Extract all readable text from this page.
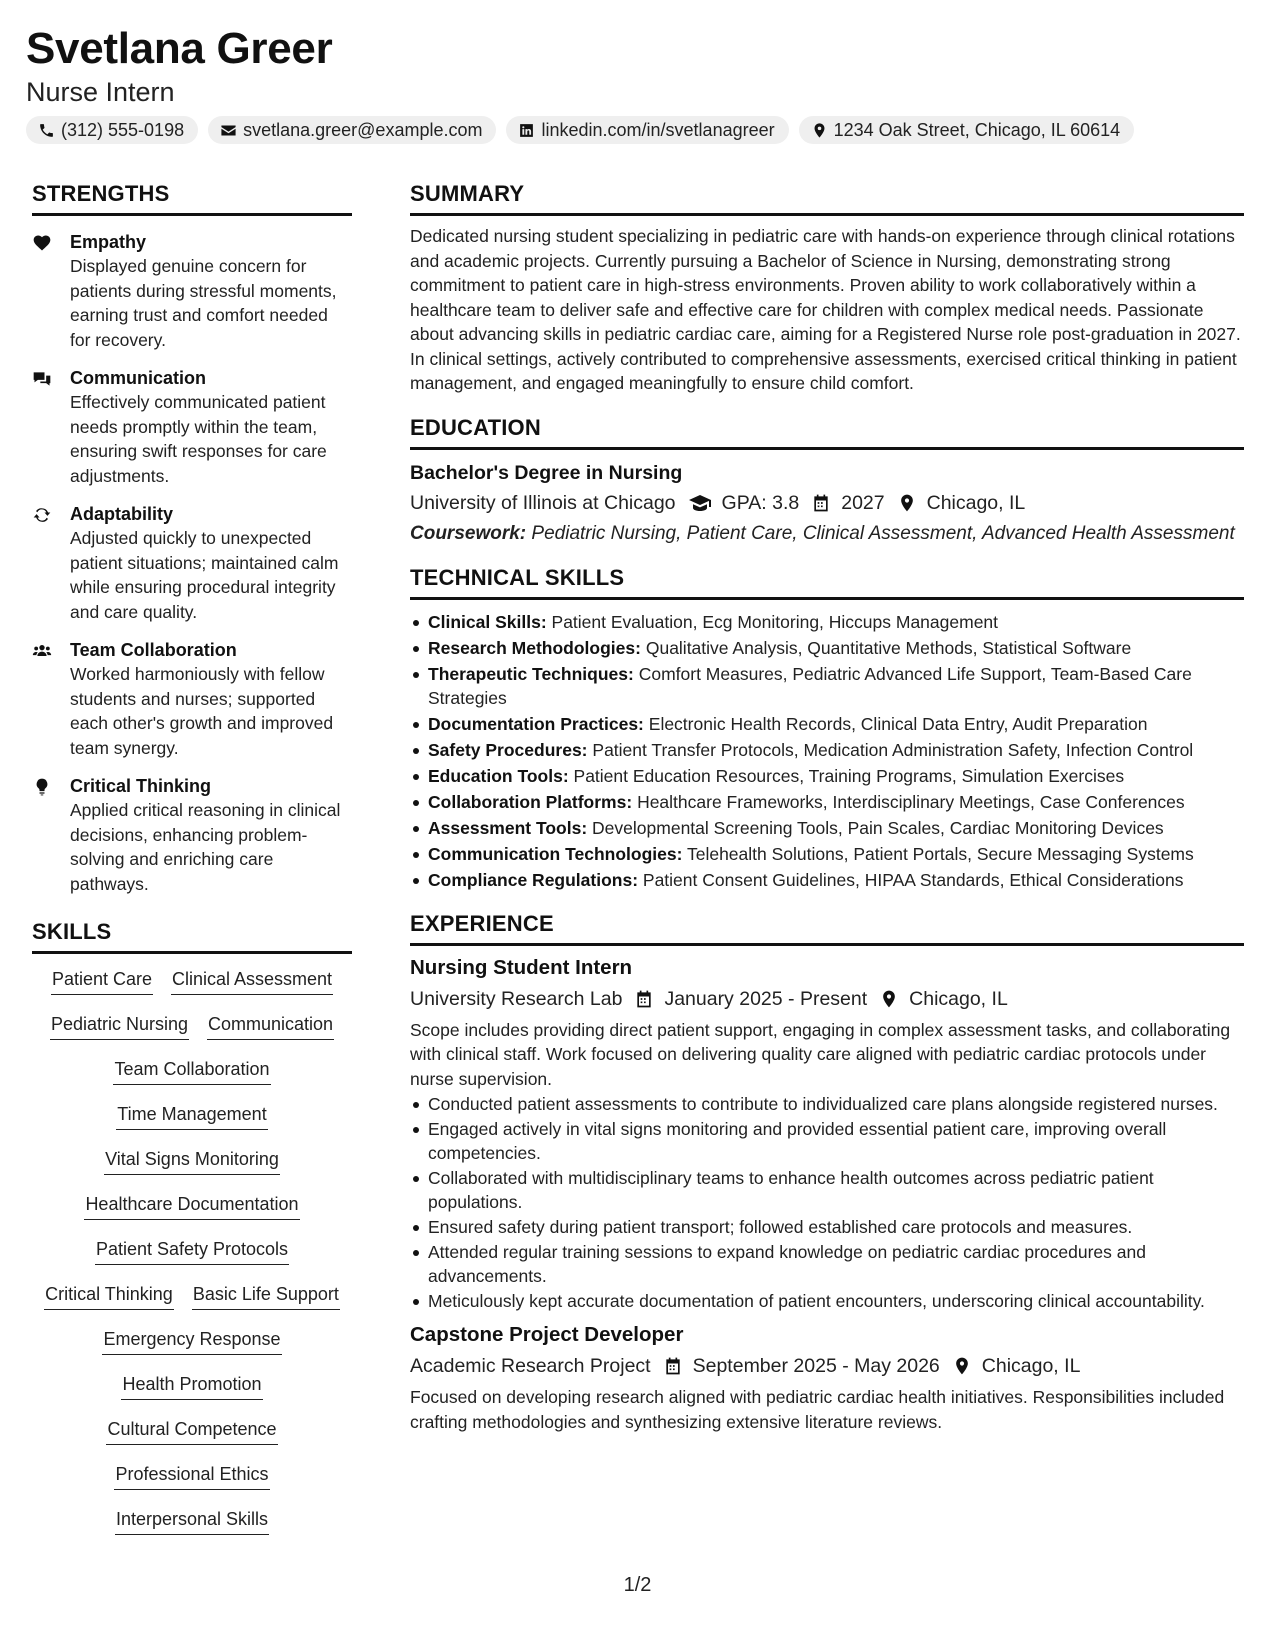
Svetlana Greer
Nurse Intern
(312) 555-0198	svetlana.greer@example.com	linkedin.com/in/svetlanagreer	1234 Oak Street, Chicago, IL 60614
STRENGTHS
Empathy
Displayed genuine concern for patients during stressful moments, earning trust and comfort needed for recovery.
Communication
Effectively communicated patient needs promptly within the team, ensuring swift responses for care adjustments.
Adaptability
Adjusted quickly to unexpected patient situations; maintained calm while ensuring procedural integrity and care quality.
Team Collaboration
Worked harmoniously with fellow students and nurses; supported each other's growth and improved team synergy.
Critical Thinking
Applied critical reasoning in clinical decisions, enhancing problem-solving and enriching care pathways.
SKILLS
Patient Care Clinical Assessment
Pediatric Nursing Communication
Team Collaboration
Time Management
Vital Signs Monitoring
Healthcare Documentation
Patient Safety Protocols
Critical Thinking Basic Life Support
Emergency Response
Health Promotion
Cultural Competence
Professional Ethics
Interpersonal Skills
SUMMARY
Dedicated nursing student specializing in pediatric care with hands-on experience through clinical rotations and academic projects. Currently pursuing a Bachelor of Science in Nursing, demonstrating strong commitment to patient care in high-stress environments. Proven ability to work collaboratively within a healthcare team to deliver safe and effective care for children with complex medical needs. Passionate about advancing skills in pediatric cardiac care, aiming for a Registered Nurse role post-graduation in 2027. In clinical settings, actively contributed to comprehensive assessments, exercised critical thinking in patient management, and engaged meaningfully to ensure child comfort.
EDUCATION
Bachelor's Degree in Nursing
University of Illinois at Chicago GPA: 3.8 2027 Chicago, IL
Coursework: Pediatric Nursing, Patient Care, Clinical Assessment, Advanced Health Assessment
TECHNICAL SKILLS
Clinical Skills: Patient Evaluation, Ecg Monitoring, Hiccups Management
Research Methodologies: Qualitative Analysis, Quantitative Methods, Statistical Software
Therapeutic Techniques: Comfort Measures, Pediatric Advanced Life Support, Team-Based Care Strategies
Documentation Practices: Electronic Health Records, Clinical Data Entry, Audit Preparation
Safety Procedures: Patient Transfer Protocols, Medication Administration Safety, Infection Control
Education Tools: Patient Education Resources, Training Programs, Simulation Exercises
Collaboration Platforms: Healthcare Frameworks, Interdisciplinary Meetings, Case Conferences
Assessment Tools: Developmental Screening Tools, Pain Scales, Cardiac Monitoring Devices
Communication Technologies: Telehealth Solutions, Patient Portals, Secure Messaging Systems
Compliance Regulations: Patient Consent Guidelines, HIPAA Standards, Ethical Considerations
EXPERIENCE
Nursing Student Intern
University Research Lab January 2025 - Present Chicago, IL
Scope includes providing direct patient support, engaging in complex assessment tasks, and collaborating with clinical staff. Work focused on delivering quality care aligned with pediatric cardiac protocols under nurse supervision.
Conducted patient assessments to contribute to individualized care plans alongside registered nurses.
Engaged actively in vital signs monitoring and provided essential patient care, improving overall competencies.
Collaborated with multidisciplinary teams to enhance health outcomes across pediatric patient populations.
Ensured safety during patient transport; followed established care protocols and measures.
Attended regular training sessions to expand knowledge on pediatric cardiac procedures and advancements.
Meticulously kept accurate documentation of patient encounters, underscoring clinical accountability.
Capstone Project Developer
Academic Research Project September 2025 - May 2026 Chicago, IL
Focused on developing research aligned with pediatric cardiac health initiatives. Responsibilities included crafting methodologies and synthesizing extensive literature reviews.
1/2
